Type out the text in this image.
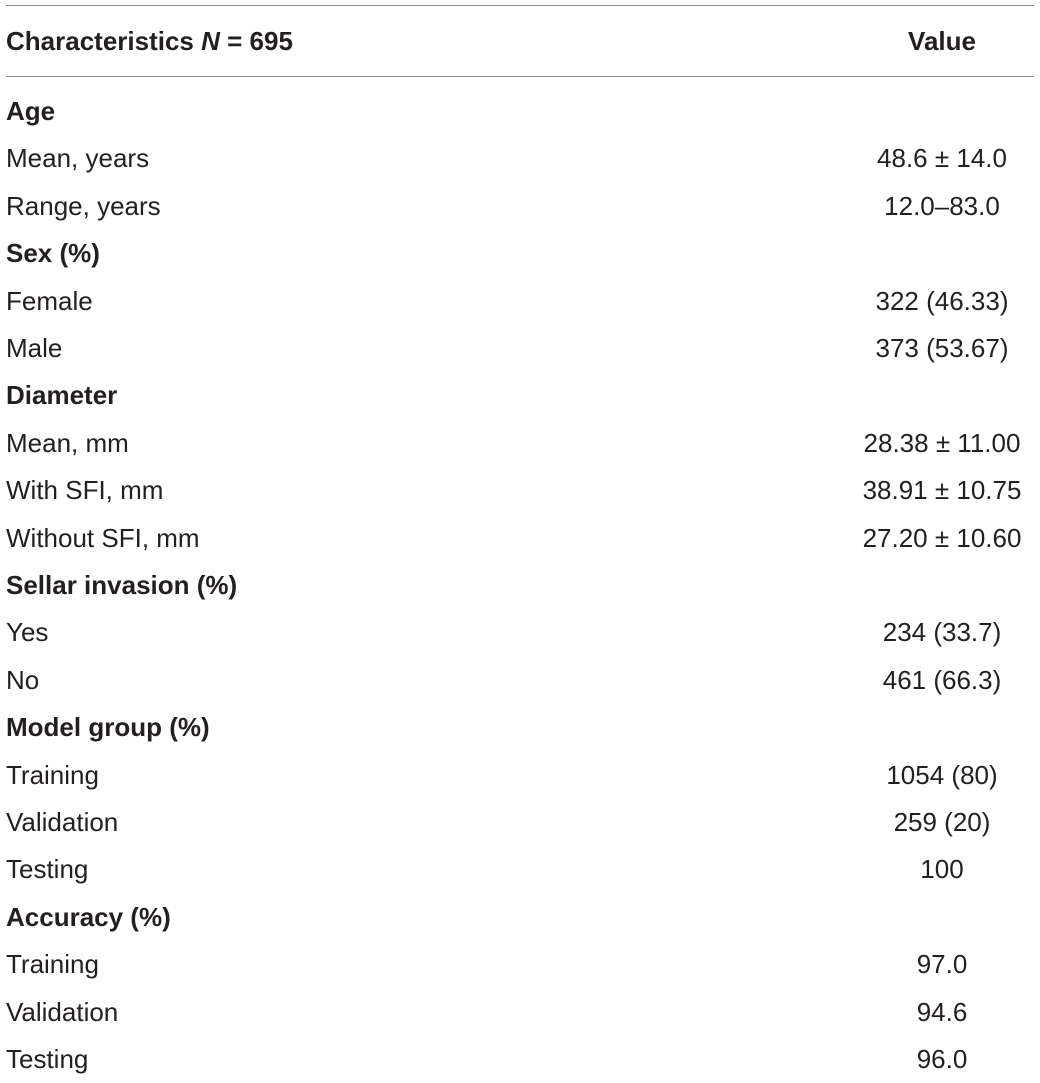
Characteristics N = 695	Value
Age
Mean, years	48.6 ± 14.0
Range, years	12.0–83.0
Sex (%)
Female	322 (46.33)
Male	373 (53.67)
Diameter
Mean, mm	28.38 ± 11.00
With SFI, mm	38.91 ± 10.75
Without SFI, mm	27.20 ± 10.60
Sellar invasion (%)
Yes	234 (33.7)
No	461 (66.3)
Model group (%)
Training	1054 (80)
Validation	259 (20)
Testing	100
Accuracy (%)
Training	97.0
Validation	94.6
Testing	96.0
